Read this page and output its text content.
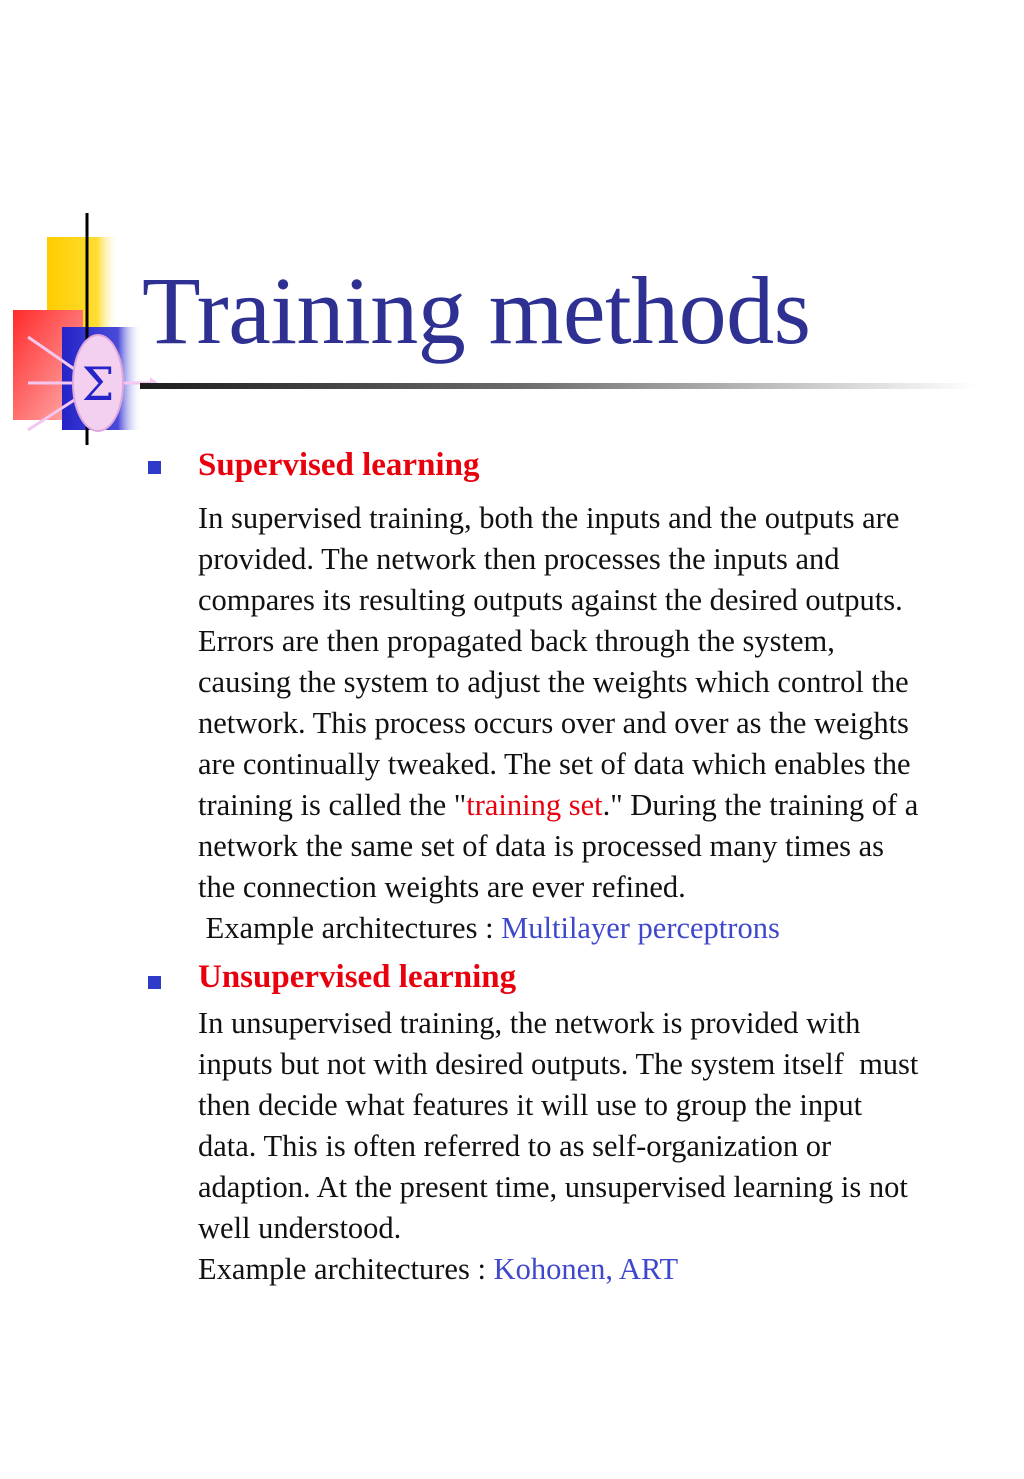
Σ
Training methods
Supervised learning
In supervised training, both the inputs and the outputs are
provided. The network then processes the inputs and
compares its resulting outputs against the desired outputs.
Errors are then propagated back through the system,
causing the system to adjust the weights which control the
network. This process occurs over and over as the weights
are continually tweaked. The set of data which enables the
training is called the "training set." During the training of a
network the same set of data is processed many times as
the connection weights are ever refined.
Example architectures : Multilayer perceptrons
Unsupervised learning
In unsupervised training, the network is provided with
inputs but not with desired outputs. The system itself  must
then decide what features it will use to group the input
data. This is often referred to as self-organization or
adaption. At the present time, unsupervised learning is not
well understood.
Example architectures : Kohonen, ART
